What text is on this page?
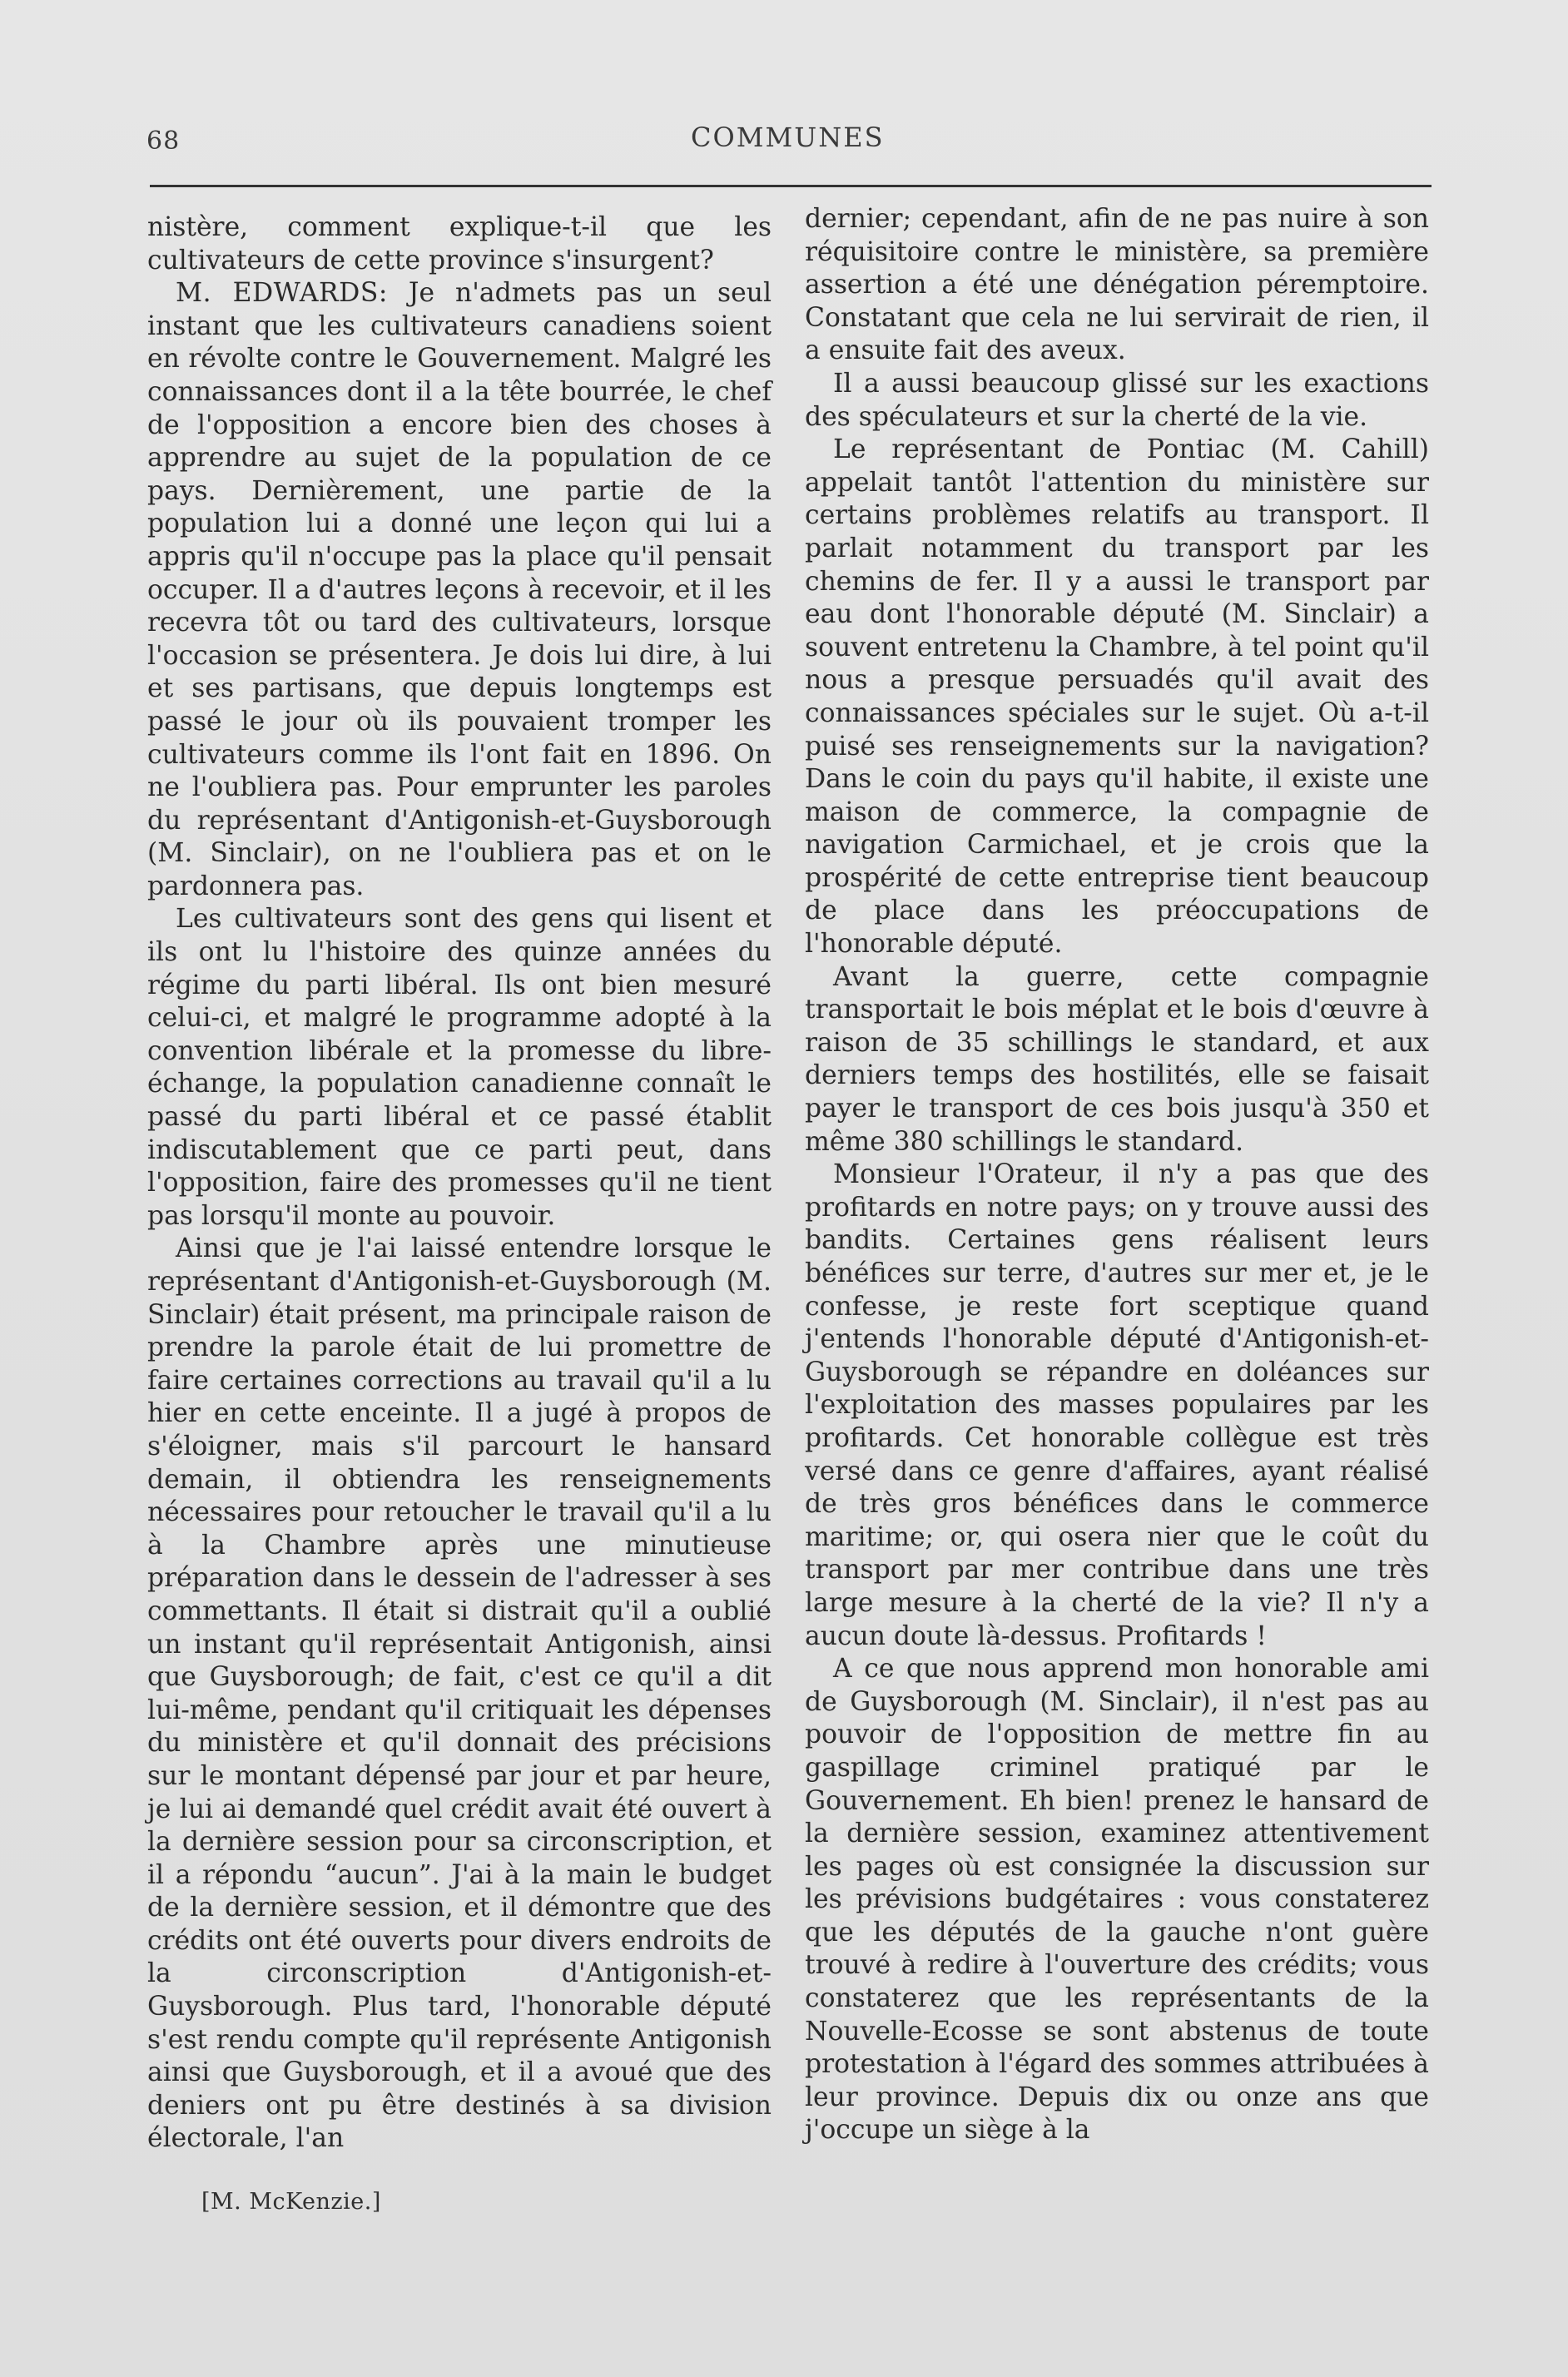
68	COMMUNES

nistère, comment explique-t-il que les cultivateurs de cette province s'insurgent?

M. EDWARDS: Je n'admets pas un seul instant que les cultivateurs canadiens soient en révolte contre le Gouvernement. Malgré les connaissances dont il a la tête bourrée, le chef de l'opposition a encore bien des choses à apprendre au sujet de la population de ce pays. Dernièrement, une partie de la population lui a donné une leçon qui lui a appris qu'il n'occupe pas la place qu'il pensait occuper. Il a d'autres leçons à recevoir, et il les recevra tôt ou tard des cultivateurs, lorsque l'occasion se présentera. Je dois lui dire, à lui et ses partisans, que depuis longtemps est passé le jour où ils pouvaient tromper les cultivateurs comme ils l'ont fait en 1896. On ne l'oubliera pas. Pour emprunter les paroles du représentant d'Antigonish-et-Guysborough (M. Sinclair), on ne l'oubliera pas et on le pardonnera pas.

Les cultivateurs sont des gens qui lisent et ils ont lu l'histoire des quinze années du régime du parti libéral. Ils ont bien mesuré celui-ci, et malgré le programme adopté à la convention libérale et la promesse du libre-échange, la population canadienne connaît le passé du parti libéral et ce passé établit indiscutablement que ce parti peut, dans l'opposition, faire des promesses qu'il ne tient pas lorsqu'il monte au pouvoir.

Ainsi que je l'ai laissé entendre lorsque le représentant d'Antigonish-et-Guysborough (M. Sinclair) était présent, ma principale raison de prendre la parole était de lui promettre de faire certaines corrections au travail qu'il a lu hier en cette enceinte. Il a jugé à propos de s'éloigner, mais s'il parcourt le hansard demain, il obtiendra les renseignements nécessaires pour retoucher le travail qu'il a lu à la Chambre après une minutieuse préparation dans le dessein de l'adresser à ses commettants. Il était si distrait qu'il a oublié un instant qu'il représentait Antigonish, ainsi que Guysborough; de fait, c'est ce qu'il a dit lui-même, pendant qu'il critiquait les dépenses du ministère et qu'il donnait des précisions sur le montant dépensé par jour et par heure, je lui ai demandé quel crédit avait été ouvert à la dernière session pour sa circonscription, et il a répondu “aucun”. J'ai à la main le budget de la dernière session, et il démontre que des crédits ont été ouverts pour divers endroits de la circonscription d'Antigonish-et-Guysborough. Plus tard, l'honorable député s'est rendu compte qu'il représente Antigonish ainsi que Guysborough, et il a avoué que des deniers ont pu être destinés à sa division électorale, l'an

[M. McKenzie.]

dernier; cependant, afin de ne pas nuire à son réquisitoire contre le ministère, sa première assertion a été une dénégation péremptoire. Constatant que cela ne lui servirait de rien, il a ensuite fait des aveux.

Il a aussi beaucoup glissé sur les exactions des spéculateurs et sur la cherté de la vie.

Le représentant de Pontiac (M. Cahill) appelait tantôt l'attention du ministère sur certains problèmes relatifs au transport. Il parlait notamment du transport par les chemins de fer. Il y a aussi le transport par eau dont l'honorable député (M. Sinclair) a souvent entretenu la Chambre, à tel point qu'il nous a presque persuadés qu'il avait des connaissances spéciales sur le sujet. Où a-t-il puisé ses renseignements sur la navigation? Dans le coin du pays qu'il habite, il existe une maison de commerce, la compagnie de navigation Carmichael, et je crois que la prospérité de cette entreprise tient beaucoup de place dans les préoccupations de l'honorable député.

Avant la guerre, cette compagnie transportait le bois méplat et le bois d'œuvre à raison de 35 schillings le standard, et aux derniers temps des hostilités, elle se faisait payer le transport de ces bois jusqu'à 350 et même 380 schillings le standard.

Monsieur l'Orateur, il n'y a pas que des profitards en notre pays; on y trouve aussi des bandits. Certaines gens réalisent leurs bénéfices sur terre, d'autres sur mer et, je le confesse, je reste fort sceptique quand j'entends l'honorable député d'Antigonish-et-Guysborough se répandre en doléances sur l'exploitation des masses populaires par les profitards. Cet honorable collègue est très versé dans ce genre d'affaires, ayant réalisé de très gros bénéfices dans le commerce maritime; or, qui osera nier que le coût du transport par mer contribue dans une très large mesure à la cherté de la vie? Il n'y a aucun doute là-dessus. Profitards !

A ce que nous apprend mon honorable ami de Guysborough (M. Sinclair), il n'est pas au pouvoir de l'opposition de mettre fin au gaspillage criminel pratiqué par le Gouvernement. Eh bien! prenez le hansard de la dernière session, examinez attentivement les pages où est consignée la discussion sur les prévisions budgétaires : vous constaterez que les députés de la gauche n'ont guère trouvé à redire à l'ouverture des crédits; vous constaterez que les représentants de la Nouvelle-Ecosse se sont abstenus de toute protestation à l'égard des sommes attribuées à leur province. Depuis dix ou onze ans que j'occupe un siège à la
